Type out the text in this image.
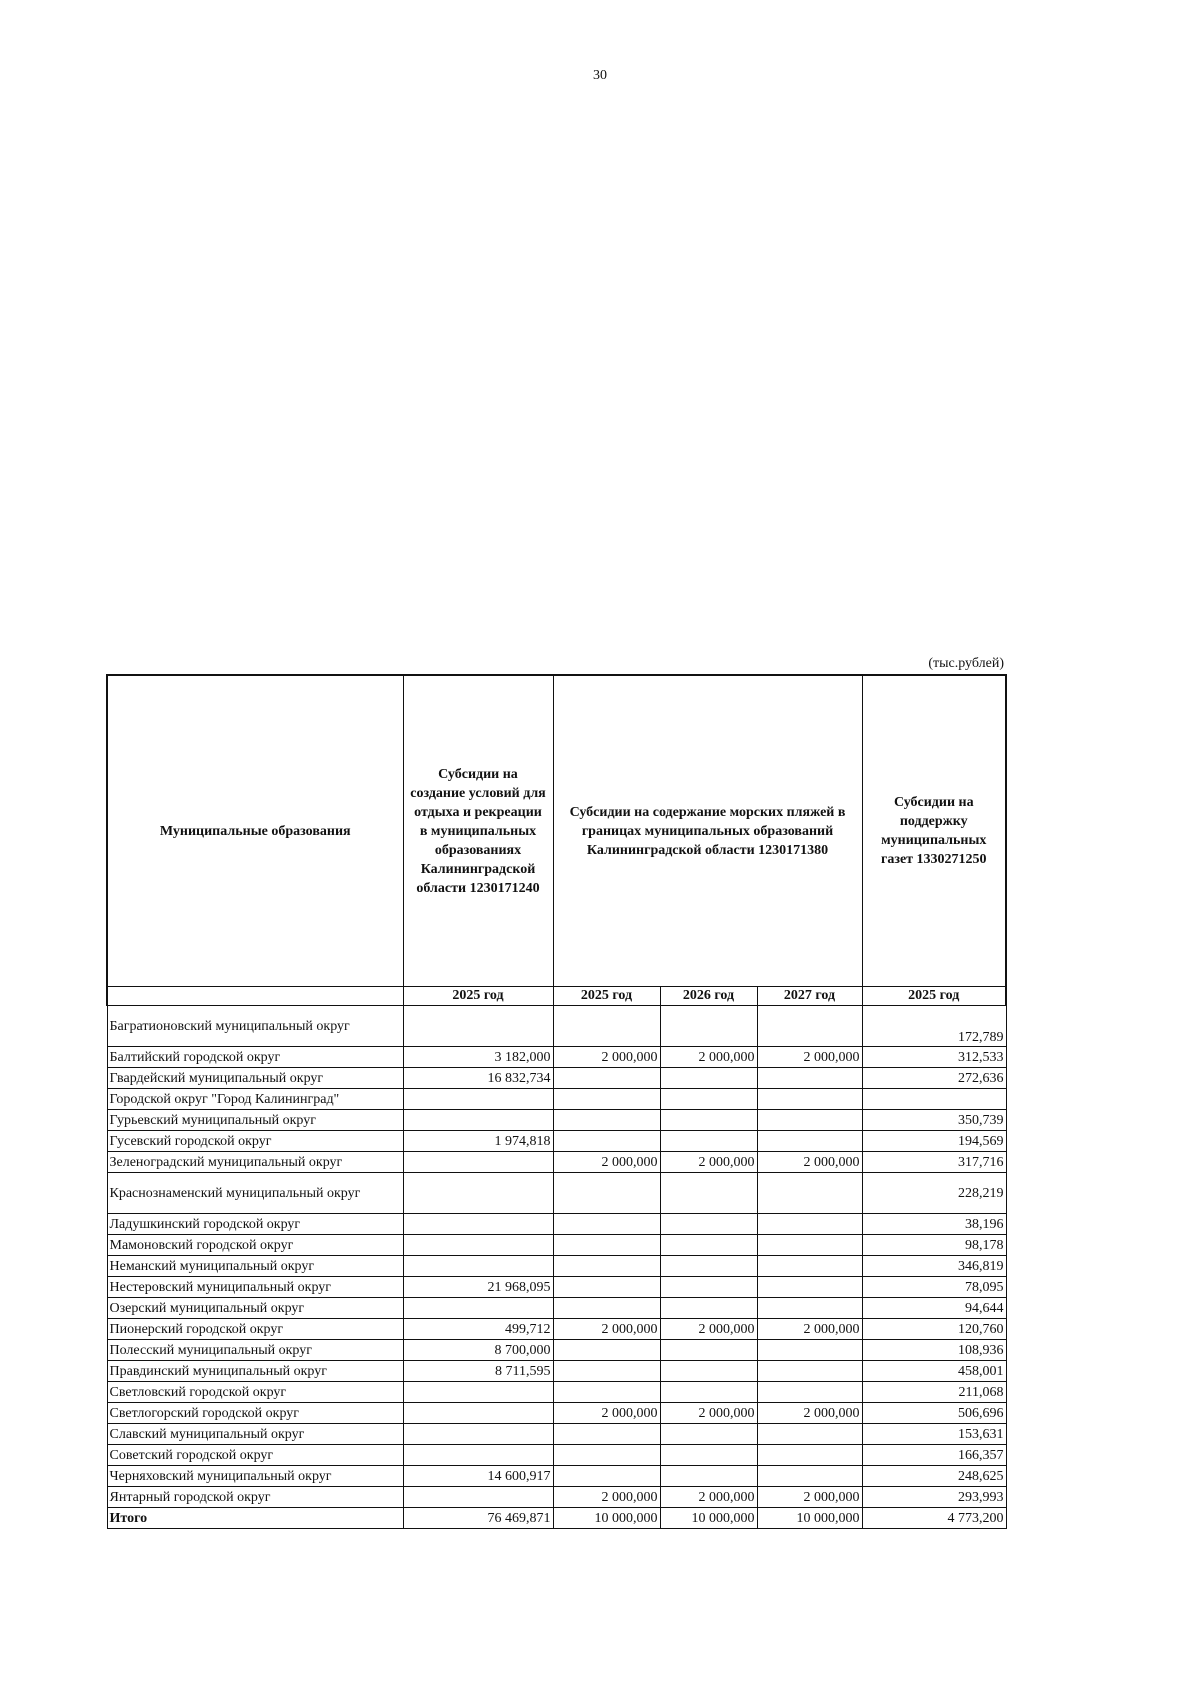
30
(тыс.рублей)
Муниципальные образования	Субсидии на создание условий для отдыха и рекреации в муниципальных образованиях Калининградской области 1230171240	Субсидии на содержание морских пляжей в границах муниципальных образований Калининградской области 1230171380			Субсидии на поддержку муниципальных газет 1330271250
	2025 год	2025 год	2026 год	2027 год	2025 год
Багратионовский муниципальный округ					172,789
Балтийский городской округ	3 182,000	2 000,000	2 000,000	2 000,000	312,533
Гвардейский муниципальный округ	16 832,734				272,636
Городской округ "Город Калининград"					
Гурьевский муниципальный округ					350,739
Гусевский городской округ	1 974,818				194,569
Зеленоградский муниципальный округ		2 000,000	2 000,000	2 000,000	317,716
Краснознаменский муниципальный округ					228,219
Ладушкинский городской округ					38,196
Мамоновский городской округ					98,178
Неманский муниципальный округ					346,819
Нестеровский муниципальный округ	21 968,095				78,095
Озерский муниципальный округ					94,644
Пионерский городской округ	499,712	2 000,000	2 000,000	2 000,000	120,760
Полесский муниципальный округ	8 700,000				108,936
Правдинский муниципальный округ	8 711,595				458,001
Светловский городской округ					211,068
Светлогорский городской округ		2 000,000	2 000,000	2 000,000	506,696
Славский муниципальный округ					153,631
Советский городской округ					166,357
Черняховский муниципальный округ	14 600,917				248,625
Янтарный городской округ		2 000,000	2 000,000	2 000,000	293,993
Итого	76 469,871	10 000,000	10 000,000	10 000,000	4 773,200
